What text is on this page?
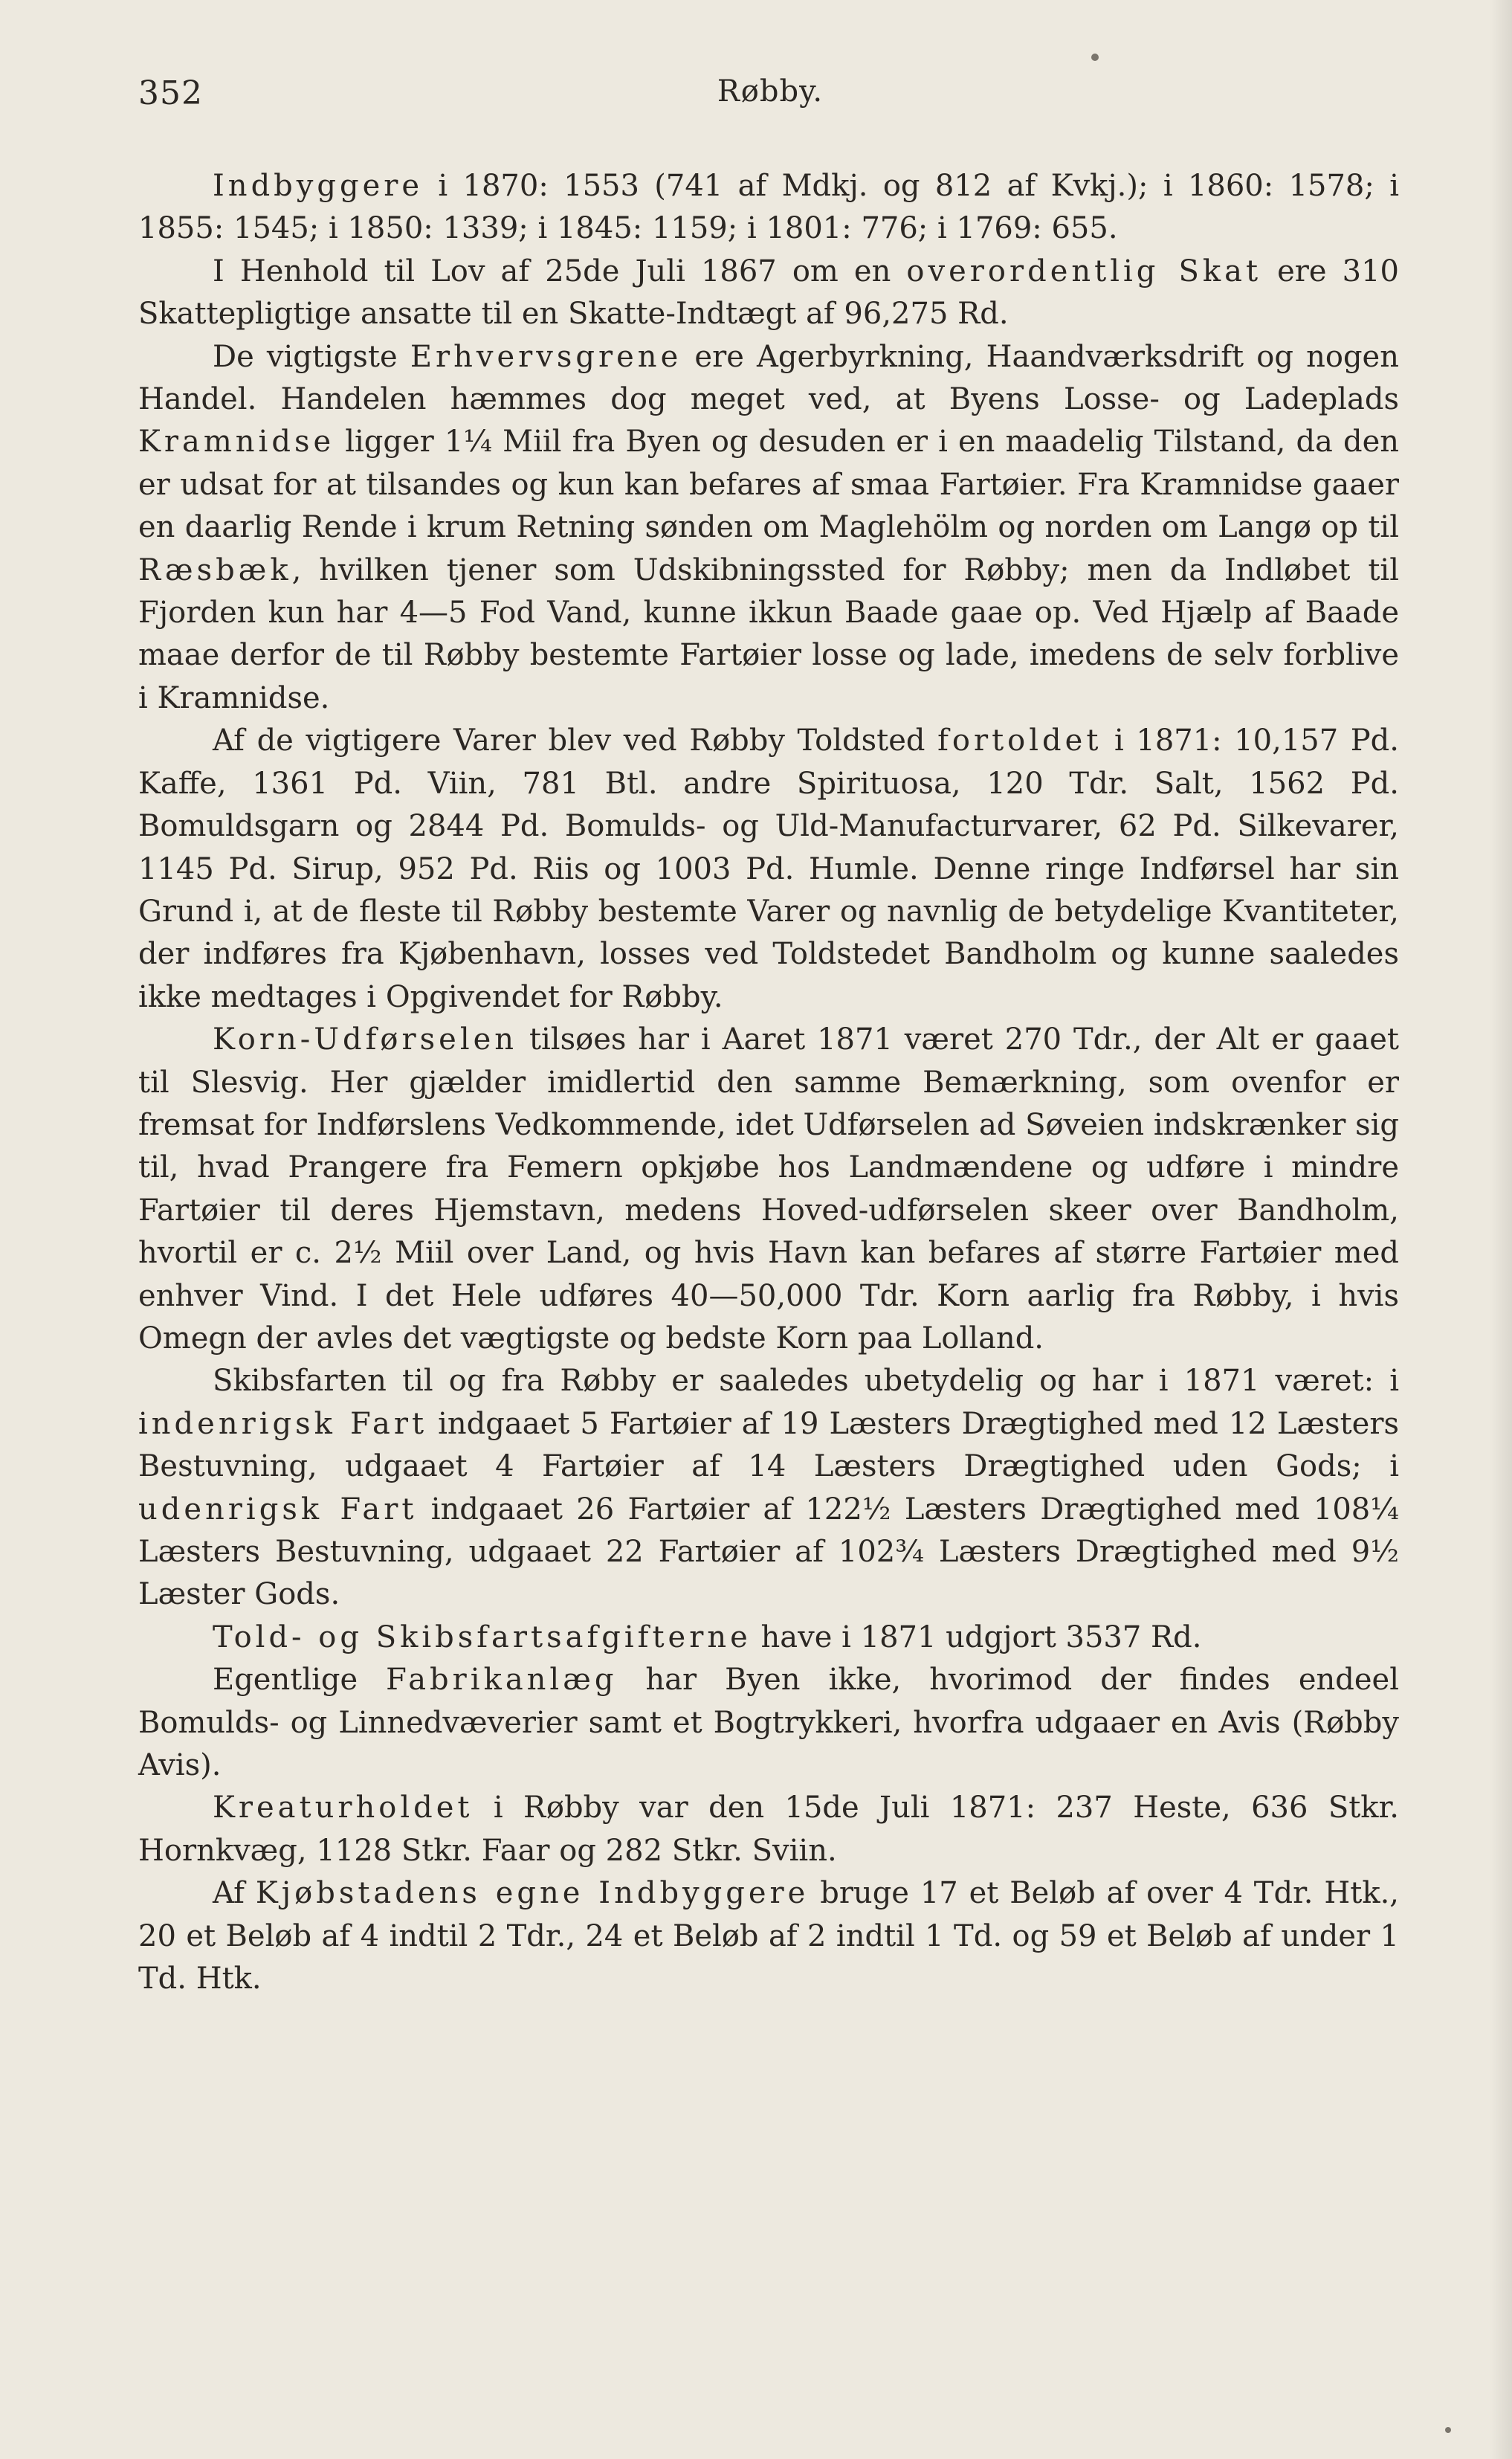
352	Røbby.

Indbyggere i 1870: 1553 (741 af Mdkj. og 812 af Kvkj.); i 1860: 1578; i 1855: 1545; i 1850: 1339; i 1845: 1159; i 1801: 776; i 1769: 655.

I Henhold til Lov af 25de Juli 1867 om en overordentlig Skat ere 310 Skattepligtige ansatte til en Skatte-Indtægt af 96,275 Rd.

De vigtigste Erhvervsgrene ere Agerbyrkning, Haandværksdrift og nogen Handel. Handelen hæmmes dog meget ved, at Byens Losse- og Ladeplads Kramnidse ligger 1¼ Miil fra Byen og desuden er i en maadelig Tilstand, da den er udsat for at tilsandes og kun kan befares af smaa Fartøier. Fra Kramnidse gaaer en daarlig Rende i krum Retning sønden om Maglehölm og norden om Langø op til Ræsbæk, hvilken tjener som Udskibningssted for Røbby; men da Indløbet til Fjorden kun har 4—5 Fod Vand, kunne ikkun Baade gaae op. Ved Hjælp af Baade maae derfor de til Røbby bestemte Fartøier losse og lade, imedens de selv forblive i Kramnidse.

Af de vigtigere Varer blev ved Røbby Toldsted fortoldet i 1871: 10,157 Pd. Kaffe, 1361 Pd. Viin, 781 Btl. andre Spirituosa, 120 Tdr. Salt, 1562 Pd. Bomuldsgarn og 2844 Pd. Bomulds- og Uld-Manufacturvarer, 62 Pd. Silkevarer, 1145 Pd. Sirup, 952 Pd. Riis og 1003 Pd. Humle. Denne ringe Indførsel har sin Grund i, at de fleste til Røbby bestemte Varer og navnlig de betydelige Kvantiteter, der indføres fra Kjøbenhavn, losses ved Toldstedet Bandholm og kunne saaledes ikke medtages i Opgivendet for Røbby.

Korn-Udførselen tilsøes har i Aaret 1871 været 270 Tdr., der Alt er gaaet til Slesvig. Her gjælder imidlertid den samme Bemærkning, som ovenfor er fremsat for Indførslens Vedkommende, idet Udførselen ad Søveien indskrænker sig til, hvad Prangere fra Femern opkjøbe hos Landmændene og udføre i mindre Fartøier til deres Hjemstavn, medens Hoved-udførselen skeer over Bandholm, hvortil er c. 2½ Miil over Land, og hvis Havn kan befares af større Fartøier med enhver Vind. I det Hele udføres 40—50,000 Tdr. Korn aarlig fra Røbby, i hvis Omegn der avles det vægtigste og bedste Korn paa Lolland.

Skibsfarten til og fra Røbby er saaledes ubetydelig og har i 1871 været: i indenrigsk Fart indgaaet 5 Fartøier af 19 Læsters Drægtighed med 12 Læsters Bestuvning, udgaaet 4 Fartøier af 14 Læsters Drægtighed uden Gods; i udenrigsk Fart indgaaet 26 Fartøier af 122½ Læsters Drægtighed med 108¼ Læsters Bestuvning, udgaaet 22 Fartøier af 102¾ Læsters Drægtighed med 9½ Læster Gods.

Told- og Skibsfartsafgifterne have i 1871 udgjort 3537 Rd.

Egentlige Fabrikanlæg har Byen ikke, hvorimod der findes endeel Bomulds- og Linnedvæverier samt et Bogtrykkeri, hvorfra udgaaer en Avis (Røbby Avis).

Kreaturholdet i Røbby var den 15de Juli 1871: 237 Heste, 636 Stkr. Hornkvæg, 1128 Stkr. Faar og 282 Stkr. Sviin.

Af Kjøbstadens egne Indbyggere bruge 17 et Beløb af over 4 Tdr. Htk., 20 et Beløb af 4 indtil 2 Tdr., 24 et Beløb af 2 indtil 1 Td. og 59 et Beløb af under 1 Td. Htk.
